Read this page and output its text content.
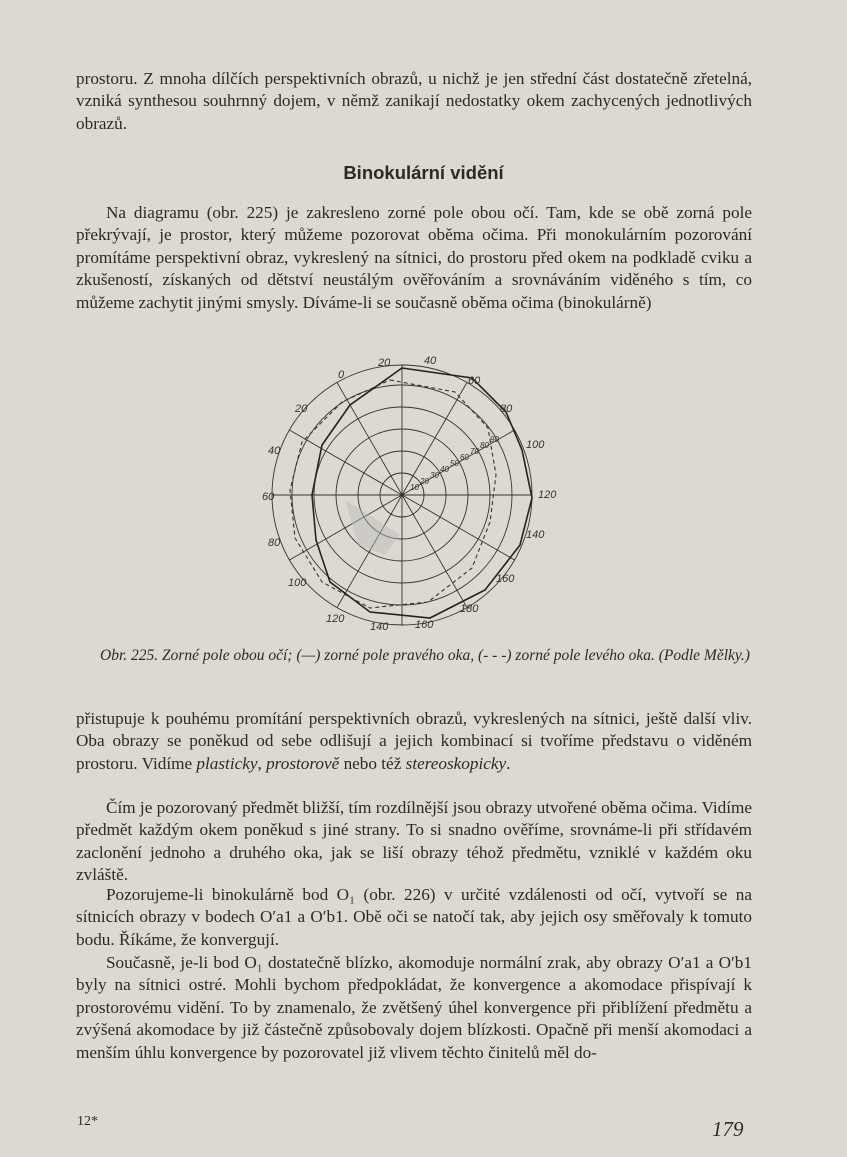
prostoru. Z mnoha dílčích perspektivních obrazů, u nichž je jen střední část dostatečně zřetelná, vzniká synthesou souhrnný dojem, v němž zanikají nedostatky okem zachycených jednotlivých obrazů.

Binokulární vidění

Na diagramu (obr. 225) je zakresleno zorné pole obou očí. Tam, kde se obě zorná pole překrývají, je prostor, který můžeme pozorovat oběma očima. Při monokulárním pozorování promítáme perspektivní obraz, vykreslený na sítnici, do prostoru před okem na podkladě cviku a zkušeností, získaných od dětství neustálým ověřováním a srovnáváním viděného s tím, co můžeme zachytit jinými smysly. Díváme-li se současně oběma očima (binokulárně)

0
20
40
60
80
100
120
140
80
100
120
140
160
180
160
20	40
60
10
20
30
40
50
60
70
80
90

Obr. 225. Zorné pole obou očí; (—) zorné pole pravého oka, (- - -) zorné pole levého oka. (Podle Mělky.)

přistupuje k pouhému promítání perspektivních obrazů, vykreslených na sítnici, ještě další vliv. Oba obrazy se poněkud od sebe odlišují a jejich kombinací si tvoříme představu o viděném prostoru. Vidíme plasticky, prostorově nebo též stereoskopicky.

Čím je pozorovaný předmět bližší, tím rozdílnější jsou obrazy utvořené oběma očima. Vidíme předmět každým okem poněkud s jiné strany. To si snadno ověříme, srovnáme-li při střídavém zaclonění jednoho a druhého oka, jak se liší obrazy téhož předmětu, vzniklé v každém oku zvláště.

Pozorujeme-li binokulárně bod O₁ (obr. 226) v určité vzdálenosti od očí, vytvoří se na sítnicích obrazy v bodech O′a1 a O′b1. Obě oči se natočí tak, aby jejich osy směřovaly k tomuto bodu. Říkáme, že konvergují.

Současně, je-li bod O₁ dostatečně blízko, akomoduje normální zrak, aby obrazy O′a1 a O′b1 byly na sítnici ostré. Mohli bychom předpokládat, že konvergence a akomodace přispívají k prostorovému vidění. To by znamenalo, že zvětšený úhel konvergence při přiblížení předmětu a zvýšená akomodace by již částečně způsobovaly dojem blízkosti. Opačně při menší akomodaci a menším úhlu konvergence by pozorovatel již vlivem těchto činitelů měl do-

12*	179
